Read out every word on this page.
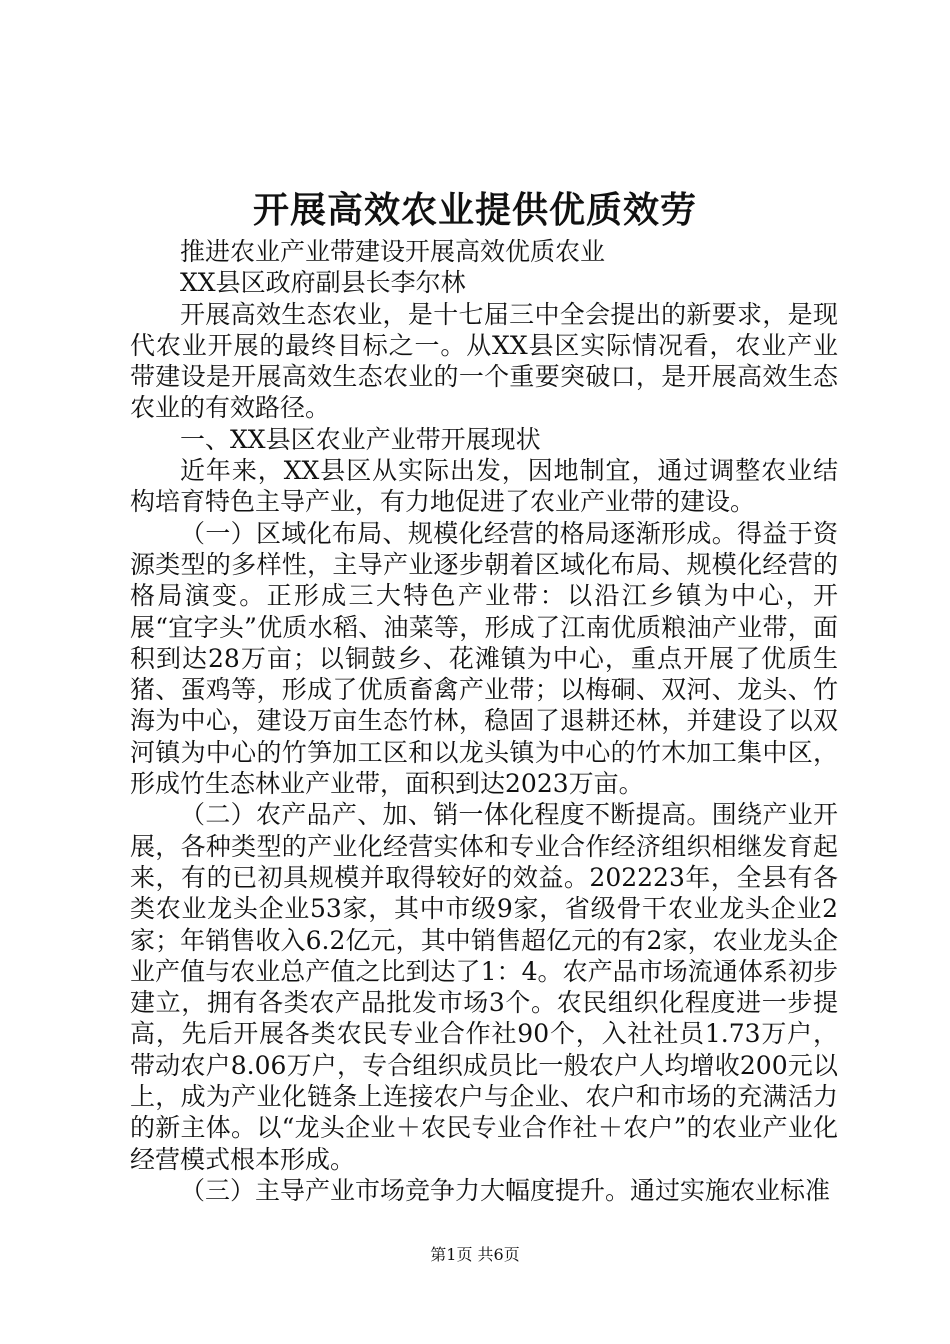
开展高效农业提供优质效劳

推进农业产业带建设开展高效优质农业

XX县区政府副县长李尔林

开展高效生态农业，是十七届三中全会提出的新要求，是现代农业开展的最终目标之一。从XX县区实际情况看，农业产业带建设是开展高效生态农业的一个重要突破口，是开展高效生态农业的有效路径。

一、XX县区农业产业带开展现状

近年来，XX县区从实际出发，因地制宜，通过调整农业结构培育特色主导产业，有力地促进了农业产业带的建设。

（一）区域化布局、规模化经营的格局逐渐形成。得益于资源类型的多样性，主导产业逐步朝着区域化布局、规模化经营的格局演变。正形成三大特色产业带：以沿江乡镇为中心，开展“宜字头”优质水稻、油菜等，形成了江南优质粮油产业带，面积到达28万亩；以铜鼓乡、花滩镇为中心，重点开展了优质生猪、蛋鸡等，形成了优质畜禽产业带；以梅硐、双河、龙头、竹海为中心，建设万亩生态竹林，稳固了退耕还林，并建设了以双河镇为中心的竹笋加工区和以龙头镇为中心的竹木加工集中区，形成竹生态林业产业带，面积到达2023万亩。

（二）农产品产、加、销一体化程度不断提高。围绕产业开展，各种类型的产业化经营实体和专业合作经济组织相继发育起来，有的已初具规模并取得较好的效益。202223年，全县有各类农业龙头企业53家，其中市级9家，省级骨干农业龙头企业2家；年销售收入6.2亿元，其中销售超亿元的有2家，农业龙头企业产值与农业总产值之比到达了1：4。农产品市场流通体系初步建立，拥有各类农产品批发市场3个。农民组织化程度进一步提高，先后开展各类农民专业合作社90个，入社社员1.73万户，带动农户8.06万户，专合组织成员比一般农户人均增收200元以上，成为产业化链条上连接农户与企业、农户和市场的充满活力的新主体。以“龙头企业＋农民专业合作社＋农户”的农业产业化经营模式根本形成。

（三）主导产业市场竞争力大幅度提升。通过实施农业标准

第1页 共6页
